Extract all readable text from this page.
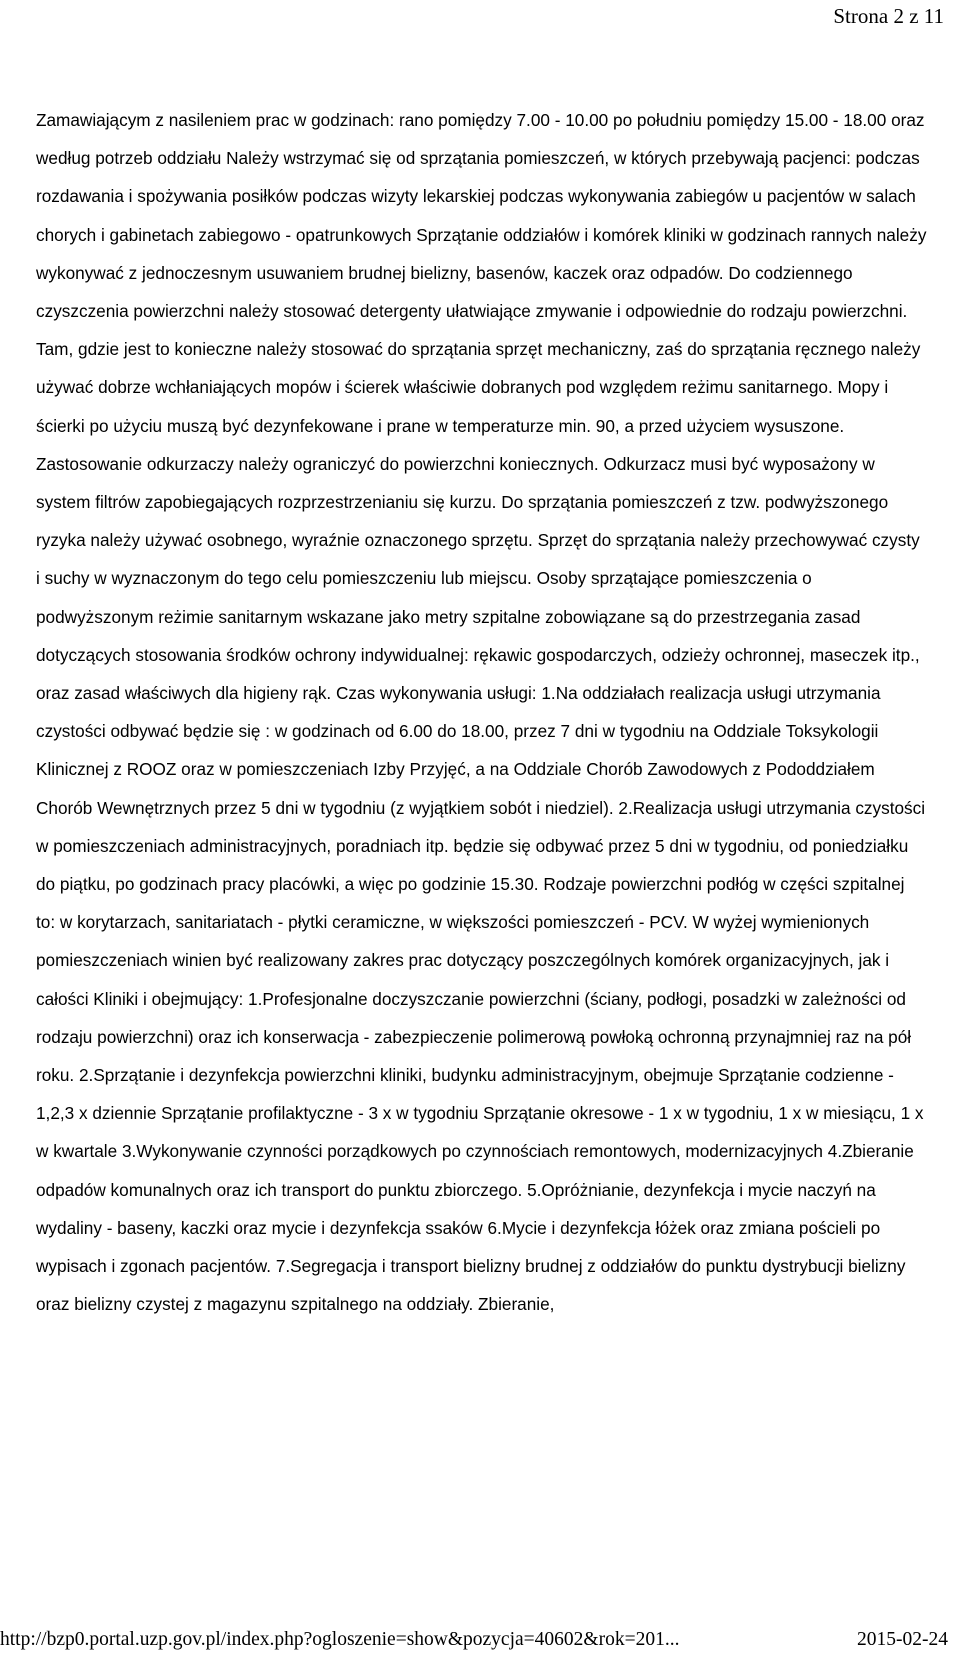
Strona 2 z 11

Zamawiającym z nasileniem prac w godzinach: rano pomiędzy 7.00 - 10.00 po południu pomiędzy 15.00 - 18.00 oraz według potrzeb oddziału Należy wstrzymać się od sprzątania pomieszczeń, w których przebywają pacjenci: podczas rozdawania i spożywania posiłków podczas wizyty lekarskiej podczas wykonywania zabiegów u pacjentów w salach chorych i gabinetach zabiegowo - opatrunkowych Sprzątanie oddziałów i komórek kliniki w godzinach rannych należy wykonywać z jednoczesnym usuwaniem brudnej bielizny, basenów, kaczek oraz odpadów. Do codziennego czyszczenia powierzchni należy stosować detergenty ułatwiające zmywanie i odpowiednie do rodzaju powierzchni. Tam, gdzie jest to konieczne należy stosować do sprzątania sprzęt mechaniczny, zaś do sprzątania ręcznego należy używać dobrze wchłaniających mopów i ścierek właściwie dobranych pod względem reżimu sanitarnego. Mopy i ścierki po użyciu muszą być dezynfekowane i prane w temperaturze min. 90, a przed użyciem wysuszone. Zastosowanie odkurzaczy należy ograniczyć do powierzchni koniecznych. Odkurzacz musi być wyposażony w system filtrów zapobiegających rozprzestrzenianiu się kurzu. Do sprzątania pomieszczeń z tzw. podwyższonego ryzyka należy używać osobnego, wyraźnie oznaczonego sprzętu. Sprzęt do sprzątania należy przechowywać czysty i suchy w wyznaczonym do tego celu pomieszczeniu lub miejscu. Osoby sprzątające pomieszczenia o podwyższonym reżimie sanitarnym wskazane jako metry szpitalne zobowiązane są do przestrzegania zasad dotyczących stosowania środków ochrony indywidualnej: rękawic gospodarczych, odzieży ochronnej, maseczek itp., oraz zasad właściwych dla higieny rąk. Czas wykonywania usługi: 1.Na oddziałach realizacja usługi utrzymania czystości odbywać będzie się : w godzinach od 6.00 do 18.00, przez 7 dni w tygodniu na Oddziale Toksykologii Klinicznej z ROOZ oraz w pomieszczeniach Izby Przyjęć, a na Oddziale Chorób Zawodowych z Pododdziałem Chorób Wewnętrznych przez 5 dni w tygodniu (z wyjątkiem sobót i niedziel). 2.Realizacja usługi utrzymania czystości w pomieszczeniach administracyjnych, poradniach itp. będzie się odbywać przez 5 dni w tygodniu, od poniedziałku do piątku, po godzinach pracy placówki, a więc po godzinie 15.30. Rodzaje powierzchni podłóg w części szpitalnej to: w korytarzach, sanitariatach - płytki ceramiczne, w większości pomieszczeń - PCV. W wyżej wymienionych pomieszczeniach winien być realizowany zakres prac dotyczący poszczególnych komórek organizacyjnych, jak i całości Kliniki i obejmujący: 1.Profesjonalne doczyszczanie powierzchni (ściany, podłogi, posadzki w zależności od rodzaju powierzchni) oraz ich konserwacja - zabezpieczenie polimerową powłoką ochronną przynajmniej raz na pół roku. 2.Sprzątanie i dezynfekcja powierzchni kliniki, budynku administracyjnym, obejmuje Sprzątanie codzienne - 1,2,3 x dziennie Sprzątanie profilaktyczne - 3 x w tygodniu Sprzątanie okresowe - 1 x w tygodniu, 1 x w miesiącu, 1 x w kwartale 3.Wykonywanie czynności porządkowych po czynnościach remontowych, modernizacyjnych 4.Zbieranie odpadów komunalnych oraz ich transport do punktu zbiorczego. 5.Opróżnianie, dezynfekcja i mycie naczyń na wydaliny - baseny, kaczki oraz mycie i dezynfekcja ssaków 6.Mycie i dezynfekcja łóżek oraz zmiana pościeli po wypisach i zgonach pacjentów. 7.Segregacja i transport bielizny brudnej z oddziałów do punktu dystrybucji bielizny oraz bielizny czystej z magazynu szpitalnego na oddziały. Zbieranie,

http://bzp0.portal.uzp.gov.pl/index.php?ogloszenie=show&pozycja=40602&rok=201...	2015-02-24
